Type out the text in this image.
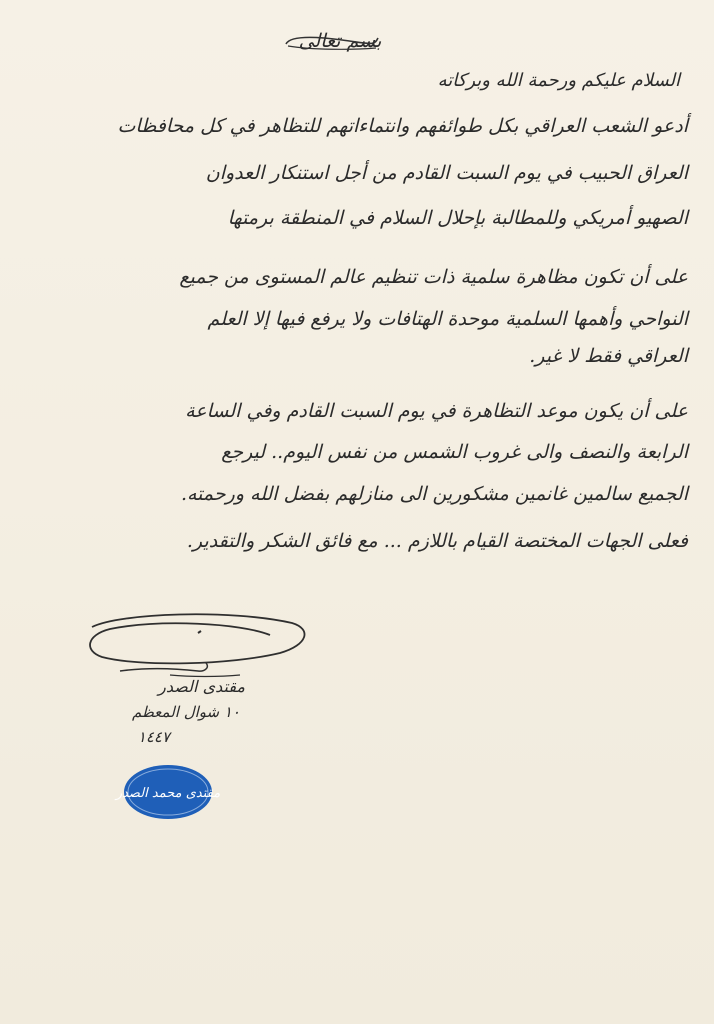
بسم تعالى
السلام عليكم ورحمة الله وبركاته
أدعو الشعب العراقي بكل طوائفهم وانتماءاتهم للتظاهر في كل محافظات
العراق الحبيب في يوم السبت القادم من أجل استنكار العدوان
الصهيو أمريكي وللمطالبة بإحلال السلام في المنطقة برمتها
على أن تكون مظاهرة سلمية ذات تنظيم عالم المستوى من جميع
النواحي وأهمها السلمية موحدة الهتافات ولا يرفع فيها إلا العلم
العراقي فقط لا غير.
على أن يكون موعد التظاهرة في يوم السبت القادم وفي الساعة
الرابعة والنصف والى غروب الشمس من نفس اليوم.. ليرجع
الجميع سالمين غانمين مشكورين الى منازلهم بفضل الله ورحمته.
فعلى الجهات المختصة القيام باللازم ... مع فائق الشكر والتقدير.
مقتدى الصدر
١٠ شوال المعظم
١٤٤٧
مقتدى محمد الصدر
